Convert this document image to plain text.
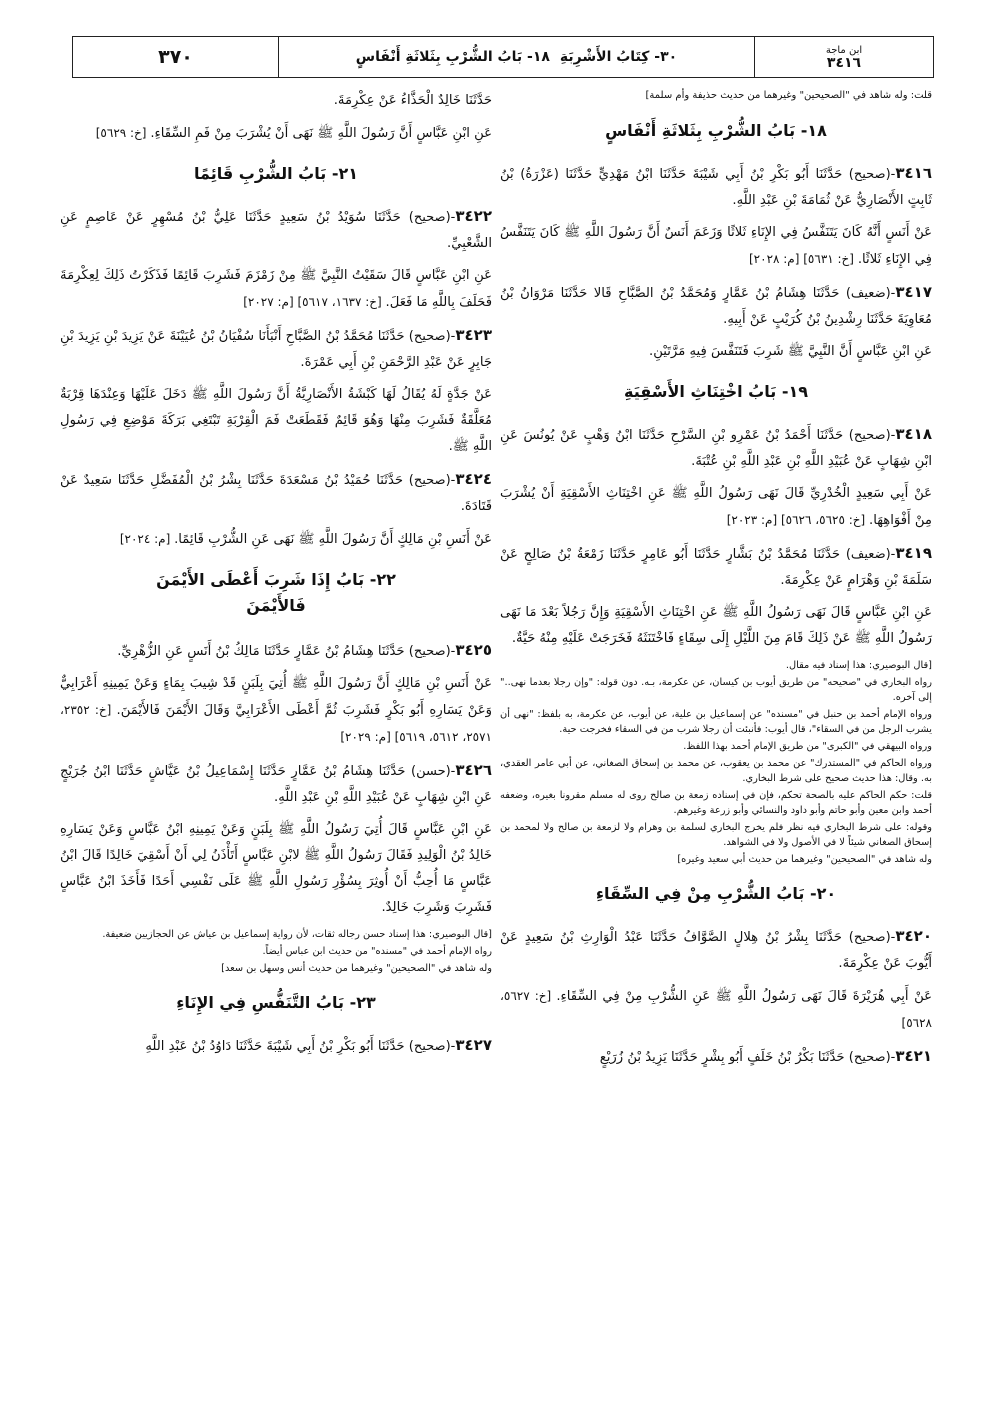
٣٧٠	٣٠- كِتَابُ الأَشْرِبَةِ
١٨- بَابُ الشُّرْبِ بِثَلاثَةِ أَنْفَاسٍ	ابن ماجة
٣٤١٦

قلت: وله شاهد في "الصحيحين" وغيرهما من حديث حذيفة وأم سلمة]

١٨- بَابُ الشُّرْبِ بِثَلاثَةِ أَنْفَاسٍ

٣٤١٦-(صحيح) حَدَّثَنَا أَبُو بَكْرِ بْنُ أَبِي شَيْبَةَ حَدَّثَنَا ابْنُ مَهْدِيٍّ حَدَّثَنَا (عَزْرَةُ) بْنُ ثَابِتٍ الأَنْصَارِيُّ عَنْ ثُمَامَةَ بْنِ عَبْدِ اللَّهِ.

عَنْ أَنَسٍ أَنَّهُ كَانَ يَتَنَفَّسُ فِي الإِنَاءِ ثَلاثًا وَزَعَمَ أَنَسٌ أَنَّ رَسُولَ اللَّهِ ﷺ كَانَ يَتَنَفَّسُ فِي الإِنَاءِ ثَلاثًا. [خ: ٥٦٣١] [م: ٢٠٢٨]

٣٤١٧-(ضعيف) حَدَّثَنَا هِشَامُ بْنُ عَمَّارٍ وَمُحَمَّدُ بْنُ الصَّبَّاحِ قَالا حَدَّثَنَا مَرْوَانُ بْنُ مُعَاوِيَةَ حَدَّثَنَا رِشْدِينُ بْنُ كُرَيْبٍ عَنْ أَبِيهِ.

عَنِ ابْنِ عَبَّاسٍ أَنَّ النَّبِيَّ ﷺ شَرِبَ فَتَنَفَّسَ فِيهِ مَرَّتَيْنِ.

١٩- بَابُ اخْتِنَاثِ الأَسْقِيَةِ

٣٤١٨-(صحيح) حَدَّثَنَا أَحْمَدُ بْنُ عَمْرِو بْنِ السَّرْحِ حَدَّثَنَا ابْنُ وَهْبٍ عَنْ يُونُسَ عَنِ ابْنِ شِهَابٍ عَنْ عُبَيْدِ اللَّهِ بْنِ عَبْدِ اللَّهِ بْنِ عُتْبَةَ.

عَنْ أَبِي سَعِيدٍ الْخُدْرِيِّ قَالَ نَهَى رَسُولُ اللَّهِ ﷺ عَنِ اخْتِنَاثِ الأَسْقِيَةِ أَنْ يُشْرَبَ مِنْ أَفْوَاهِهَا. [خ: ٥٦٢٥، ٥٦٢٦] [م: ٢٠٢٣]

٣٤١٩-(ضعيف) حَدَّثَنَا مُحَمَّدُ بْنُ بَشَّارٍ حَدَّثَنَا أَبُو عَامِرٍ حَدَّثَنَا زَمْعَةُ بْنُ صَالِحٍ عَنْ سَلَمَةَ بْنِ وَهْرَامٍ عَنْ عِكْرِمَةَ.

عَنِ ابْنِ عَبَّاسٍ قَالَ نَهَى رَسُولُ اللَّهِ ﷺ عَنِ اخْتِنَاثِ الأَسْقِيَةِ وَإِنَّ رَجُلاً بَعْدَ مَا نَهَى رَسُولُ اللَّهِ ﷺ عَنْ ذَلِكَ قَامَ مِنَ اللَّيْلِ إِلَى سِقَاءٍ فَاخْتَنَثَهُ فَخَرَجَتْ عَلَيْهِ مِنْهُ حَيَّةٌ.

[قال البوصيري: هذا إسناد فيه مقال.

رواه البخاري في "صحيحه" من طريق أيوب بن كيسان، عن عكرمة، بـه. دون قوله: "وإن رجلا بعدما نهى.." إلى آخره.

ورواه الإمام أحمد بن حنبل في "مسنده" عن إسماعيل بن علية، عن أيوب، عن عكرمة، به بلفظ: "نهى أن يشرب الرجل من في السقاء"، قال أيوب: فأنبئت أن رجلا شرب من في السقاء فخرجت حية.

ورواه البيهقي في "الكبرى" من طريق الإمام أحمد بهذا اللفظ.

ورواه الحاكم في "المستدرك" عن محمد بن يعقوب، عن محمد بن إسحاق الصغاني، عن أبي عامر العقدي، به. وقال: هذا حديث صحيح على شرط البخاري.

قلت: حكم الحاكم عليه بالصحة تحكم، فإن في إسناده زمعة بن صالح روى له مسلم مقرونا بغيره، وضعفه أحمد وابن معين وأبو حاتم وأبو داود والنسائي وأبو زرعة وغيرهم.

وقوله: على شرط البخاري فيه نظر فلم يخرج البخاري لسلمة بن وهرام ولا لزمعة بن صالح ولا لمحمد بن إسحاق الصغاني شيئاً لا في الأصول ولا في الشواهد.

وله شاهد في "الصحيحين" وغيرهما من حديث أبي سعيد وغيره]

٢٠- بَابُ الشُّرْبِ مِنْ فِي السِّقَاءِ

٣٤٢٠-(صحيح) حَدَّثَنَا بِشْرُ بْنُ هِلالٍ الصَّوَّافُ حَدَّثَنَا عَبْدُ الْوَارِثِ بْنُ سَعِيدٍ عَنْ أَيُّوبَ عَنْ عِكْرِمَةَ.

عَنْ أَبِي هُرَيْرَةَ قَالَ نَهَى رَسُولُ اللَّهِ ﷺ عَنِ الشُّرْبِ مِنْ فِي السِّقَاءِ. [خ: ٥٦٢٧، ٥٦٢٨]

٣٤٢١-(صحيح) حَدَّثَنَا بَكْرُ بْنُ خَلَفٍ أَبُو بِشْرٍ حَدَّثَنَا يَزِيدُ بْنُ زُرَيْعٍ

حَدَّثَنَا خَالِدٌ الْحَذَّاءُ عَنْ عِكْرِمَةَ.

عَنِ ابْنِ عَبَّاسٍ أَنَّ رَسُولَ اللَّهِ ﷺ نَهَى أَنْ يُشْرَبَ مِنْ فَمِ السِّقَاءِ. [خ: ٥٦٢٩]

٢١- بَابُ الشُّرْبِ قَائِمًا

٣٤٢٢-(صحيح) حَدَّثَنَا سُوَيْدُ بْنُ سَعِيدٍ حَدَّثَنَا عَلِيُّ بْنُ مُسْهِرٍ عَنْ عَاصِمٍ عَنِ الشَّعْبِيِّ.

عَنِ ابْنِ عَبَّاسٍ قَالَ سَقَيْتُ النَّبِيَّ ﷺ مِنْ زَمْزَمَ فَشَرِبَ قَائِمًا فَذَكَرْتُ ذَلِكَ لِعِكْرِمَةَ فَحَلَفَ بِاللَّهِ مَا فَعَلَ. [خ: ١٦٣٧، ٥٦١٧] [م: ٢٠٢٧]

٣٤٢٣-(صحيح) حَدَّثَنَا مُحَمَّدُ بْنُ الصَّبَّاحِ أَنْبَأَنَا سُفْيَانُ بْنُ عُيَيْنَةَ عَنْ يَزِيدَ بْنِ يَزِيدَ بْنِ جَابِرٍ عَنْ عَبْدِ الرَّحْمَنِ بْنِ أَبِي عَمْرَةَ.

عَنْ جَدَّةٍ لَهُ يُقَالُ لَهَا كَبْشَةُ الأَنْصَارِيَّةُ أَنَّ رَسُولَ اللَّهِ ﷺ دَخَلَ عَلَيْهَا وَعِنْدَهَا قِرْبَةٌ مُعَلَّقَةٌ فَشَرِبَ مِنْهَا وَهُوَ قَائِمٌ فَقَطَعَتْ فَمَ الْقِرْبَةِ تَبْتَغِي بَرَكَةَ مَوْضِعِ فِي رَسُولِ اللَّهِ ﷺ.

٣٤٢٤-(صحيح) حَدَّثَنَا حُمَيْدُ بْنُ مَسْعَدَةَ حَدَّثَنَا بِشْرُ بْنُ الْمُفَضَّلِ حَدَّثَنَا سَعِيدٌ عَنْ قَتَادَةَ.

عَنْ أَنَسِ بْنِ مَالِكٍ أَنَّ رَسُولَ اللَّهِ ﷺ نَهَى عَنِ الشُّرْبِ قَائِمًا. [م: ٢٠٢٤]

٢٢- بَابُ إِذَا شَرِبَ أَعْطَى الأَيْمَنَ
فَالأَيْمَنَ

٣٤٢٥-(صحيح) حَدَّثَنَا هِشَامُ بْنُ عَمَّارٍ حَدَّثَنَا مَالِكُ بْنُ أَنَسٍ عَنِ الزُّهْرِيِّ.

عَنْ أَنَسِ بْنِ مَالِكٍ أَنَّ رَسُولَ اللَّهِ ﷺ أُتِيَ بِلَبَنٍ قَدْ شِيبَ بِمَاءٍ وَعَنْ يَمِينِهِ أَعْرَابِيٌّ وَعَنْ يَسَارِهِ أَبُو بَكْرٍ فَشَرِبَ ثُمَّ أَعْطَى الأَعْرَابِيَّ وَقَالَ الأَيْمَنَ فَالأَيْمَنَ. [خ: ٢٣٥٢، ٢٥٧١، ٥٦١٢، ٥٦١٩] [م: ٢٠٢٩]

٣٤٢٦-(حسن) حَدَّثَنَا هِشَامُ بْنُ عَمَّارٍ حَدَّثَنَا إِسْمَاعِيلُ بْنُ عَيَّاشٍ حَدَّثَنَا ابْنُ جُرَيْجٍ عَنِ ابْنِ شِهَابٍ عَنْ عُبَيْدِ اللَّهِ بْنِ عَبْدِ اللَّهِ.

عَنِ ابْنِ عَبَّاسٍ قَالَ أُتِيَ رَسُولُ اللَّهِ ﷺ بِلَبَنٍ وَعَنْ يَمِينِهِ ابْنُ عَبَّاسٍ وَعَنْ يَسَارِهِ خَالِدُ بْنُ الْوَلِيدِ فَقَالَ رَسُولُ اللَّهِ ﷺ لابْنِ عَبَّاسٍ أَتَأْذَنُ لِي أَنْ أَسْقِيَ خَالِدًا قَالَ ابْنُ عَبَّاسٍ مَا أُحِبُّ أَنْ أُوثِرَ بِسُؤْرِ رَسُولِ اللَّهِ ﷺ عَلَى نَفْسِي أَحَدًا فَأَخَذَ ابْنُ عَبَّاسٍ فَشَرِبَ وَشَرِبَ خَالِدٌ.

[قال البوصيري: هذا إسناد حسن رجاله ثقات، لأن رواية إسماعيل بن عياش عن الحجازيين ضعيفة.

رواه الإمام أحمد في "مسنده" من حديث ابن عباس أيضاً.

وله شاهد في "الصحيحين" وغيرهما من حديث أنس وسهل بن سعد]

٢٣- بَابُ التَّنَفُّسِ فِي الإِنَاءِ

٣٤٢٧-(صحيح) حَدَّثَنَا أَبُو بَكْرِ بْنُ أَبِي شَيْبَةَ حَدَّثَنَا دَاوُدُ بْنُ عَبْدِ اللَّهِ
